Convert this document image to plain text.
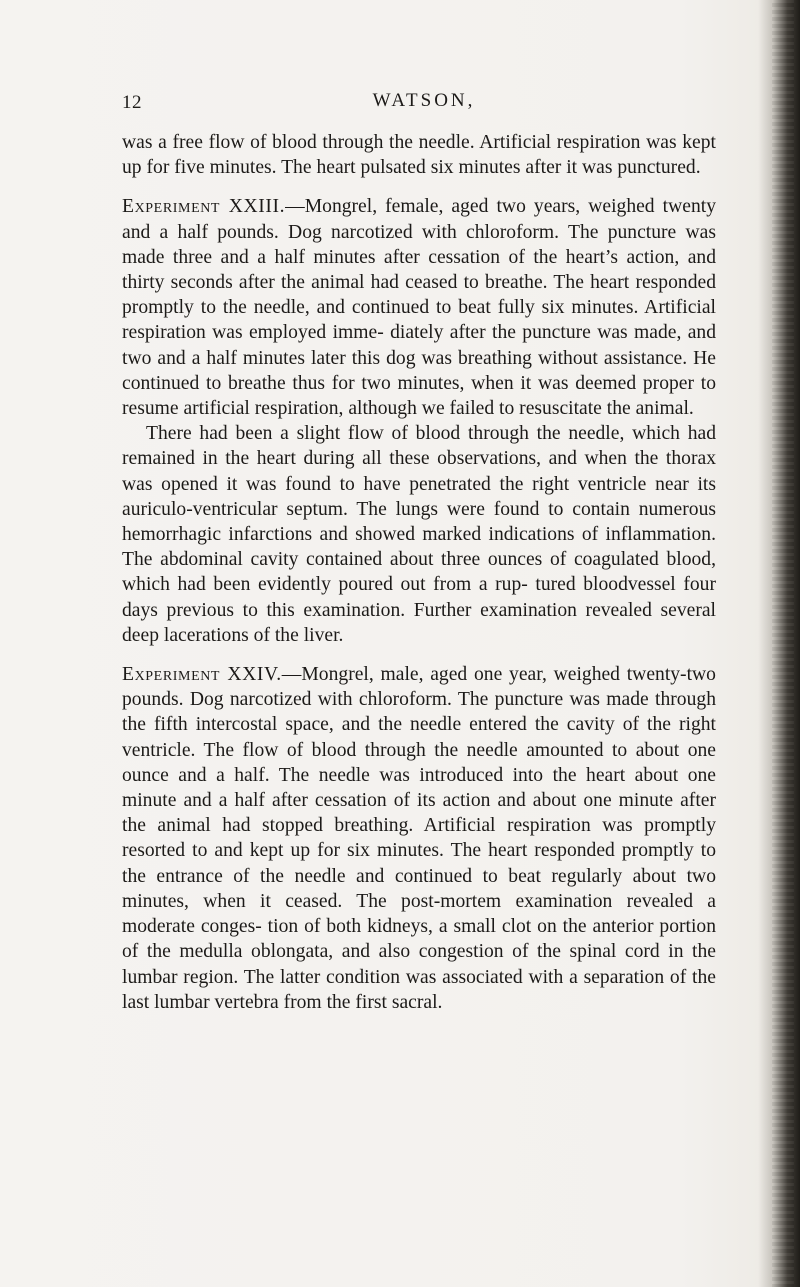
12	WATSON,

was a free flow of blood through the needle. Artificial respiration was kept up for five minutes. The heart pulsated six minutes after it was punctured.

Experiment XXIII.—Mongrel, female, aged two years, weighed twenty and a half pounds. Dog narcotized with chloroform. The puncture was made three and a half minutes after cessation of the heart’s action, and thirty seconds after the animal had ceased to breathe. The heart responded promptly to the needle, and continued to beat fully six minutes. Artificial respiration was employed imme- diately after the puncture was made, and two and a half minutes later this dog was breathing without assistance. He continued to breathe thus for two minutes, when it was deemed proper to resume artificial respiration, although we failed to resuscitate the animal.

There had been a slight flow of blood through the needle, which had remained in the heart during all these observations, and when the thorax was opened it was found to have penetrated the right ventricle near its auriculo-ventricular septum. The lungs were found to contain numerous hemorrhagic infarctions and showed marked indications of inflammation. The abdominal cavity contained about three ounces of coagulated blood, which had been evidently poured out from a rup- tured bloodvessel four days previous to this examination. Further examination revealed several deep lacerations of the liver.

Experiment XXIV.—Mongrel, male, aged one year, weighed twenty-two pounds. Dog narcotized with chloroform. The puncture was made through the fifth intercostal space, and the needle entered the cavity of the right ventricle. The flow of blood through the needle amounted to about one ounce and a half. The needle was introduced into the heart about one minute and a half after cessation of its action and about one minute after the animal had stopped breathing. Artificial respiration was promptly resorted to and kept up for six minutes. The heart responded promptly to the entrance of the needle and continued to beat regularly about two minutes, when it ceased. The post-mortem examination revealed a moderate conges- tion of both kidneys, a small clot on the anterior portion of the medulla oblongata, and also congestion of the spinal cord in the lumbar region. The latter condition was associated with a separation of the last lumbar vertebra from the first sacral.
